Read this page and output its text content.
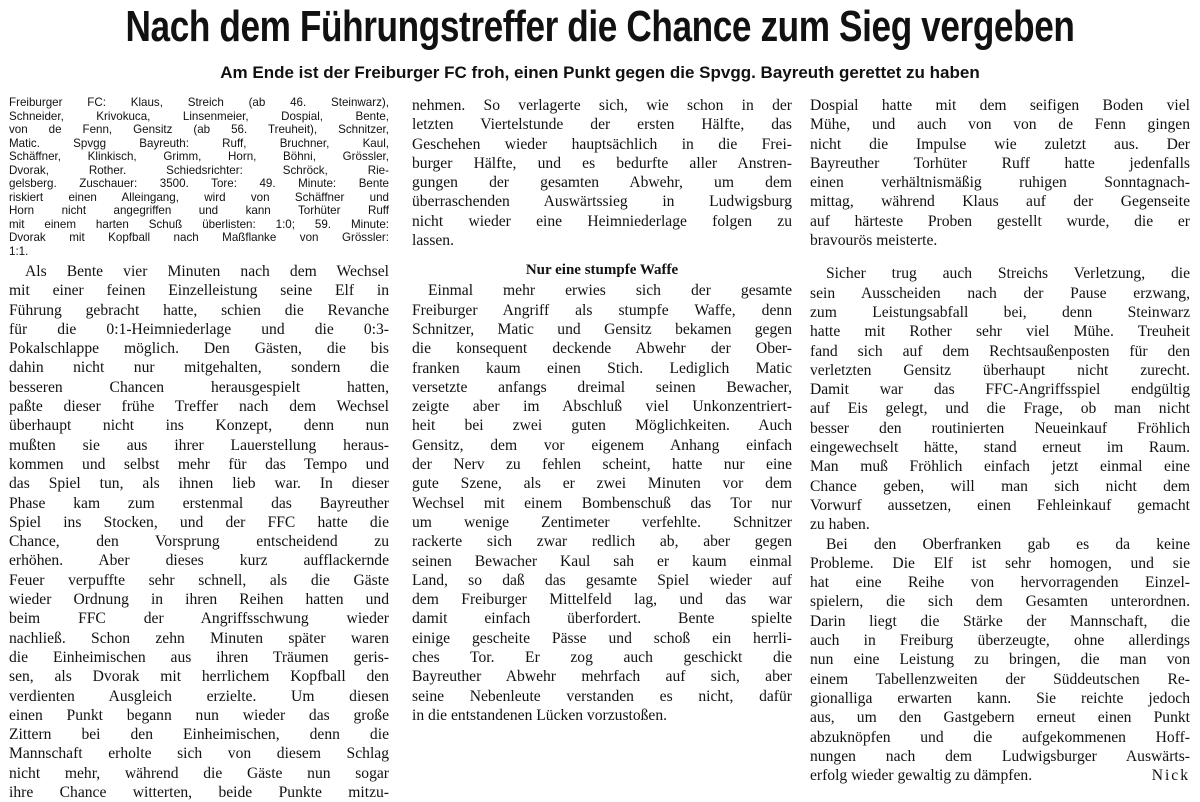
Nach dem Führungstreffer die Chance zum Sieg vergeben
Am Ende ist der Freiburger FC froh, einen Punkt gegen die Spvgg. Bayreuth gerettet zu haben
Freiburger FC: Klaus, Streich (ab 46. Steinwarz),
Schneider, Krivokuca, Linsenmeier, Dospial, Bente,
von de Fenn, Gensitz (ab 56. Treuheit), Schnitzer,
Matic. Spvgg Bayreuth: Ruff, Bruchner, Kaul,
Schäffner, Klinkisch, Grimm, Horn, Böhni, Grössler,
Dvorak, Rother. Schiedsrichter: Schröck, Rie-
gelsberg. Zuschauer: 3500. Tore: 49. Minute: Bente
riskiert einen Alleingang, wird von Schäffner und
Horn nicht angegriffen und kann Torhüter Ruff
mit einem harten Schuß überlisten: 1:0; 59. Minute:
Dvorak mit Kopfball nach Maßflanke von Grössler:
1:1.
Als Bente vier Minuten nach dem Wechsel
mit einer feinen Einzelleistung seine Elf in
Führung gebracht hatte, schien die Revanche
für die 0:1-Heimniederlage und die 0:3-
Pokalschlappe möglich. Den Gästen, die bis
dahin nicht nur mitgehalten, sondern die
besseren Chancen herausgespielt hatten,
paßte dieser frühe Treffer nach dem Wechsel
überhaupt nicht ins Konzept, denn nun
mußten sie aus ihrer Lauerstellung heraus-
kommen und selbst mehr für das Tempo und
das Spiel tun, als ihnen lieb war. In dieser
Phase kam zum erstenmal das Bayreuther
Spiel ins Stocken, und der FFC hatte die
Chance, den Vorsprung entscheidend zu
erhöhen. Aber dieses kurz aufflackernde
Feuer verpuffte sehr schnell, als die Gäste
wieder Ordnung in ihren Reihen hatten und
beim FFC der Angriffsschwung wieder
nachließ. Schon zehn Minuten später waren
die Einheimischen aus ihren Träumen geris-
sen, als Dvorak mit herrlichem Kopfball den
verdienten Ausgleich erzielte. Um diesen
einen Punkt begann nun wieder das große
Zittern bei den Einheimischen, denn die
Mannschaft erholte sich von diesem Schlag
nicht mehr, während die Gäste nun sogar
ihre Chance witterten, beide Punkte mitzu-
nehmen. So verlagerte sich, wie schon in der
letzten Viertelstunde der ersten Hälfte, das
Geschehen wieder hauptsächlich in die Frei-
burger Hälfte, und es bedurfte aller Anstren-
gungen der gesamten Abwehr, um dem
überraschenden Auswärtssieg in Ludwigsburg
nicht wieder eine Heimniederlage folgen zu
lassen.
Nur eine stumpfe Waffe
Einmal mehr erwies sich der gesamte
Freiburger Angriff als stumpfe Waffe, denn
Schnitzer, Matic und Gensitz bekamen gegen
die konsequent deckende Abwehr der Ober-
franken kaum einen Stich. Lediglich Matic
versetzte anfangs dreimal seinen Bewacher,
zeigte aber im Abschluß viel Unkonzentriert-
heit bei zwei guten Möglichkeiten. Auch
Gensitz, dem vor eigenem Anhang einfach
der Nerv zu fehlen scheint, hatte nur eine
gute Szene, als er zwei Minuten vor dem
Wechsel mit einem Bombenschuß das Tor nur
um wenige Zentimeter verfehlte. Schnitzer
rackerte sich zwar redlich ab, aber gegen
seinen Bewacher Kaul sah er kaum einmal
Land, so daß das gesamte Spiel wieder auf
dem Freiburger Mittelfeld lag, und das war
damit einfach überfordert. Bente spielte
einige gescheite Pässe und schoß ein herrli-
ches Tor. Er zog auch geschickt die
Bayreuther Abwehr mehrfach auf sich, aber
seine Nebenleute verstanden es nicht, dafür
in die entstandenen Lücken vorzustoßen.
Dospial hatte mit dem seifigen Boden viel
Mühe, und auch von von de Fenn gingen
nicht die Impulse wie zuletzt aus. Der
Bayreuther Torhüter Ruff hatte jedenfalls
einen verhältnismäßig ruhigen Sonntagnach-
mittag, während Klaus auf der Gegenseite
auf härteste Proben gestellt wurde, die er
bravourös meisterte.
Sicher trug auch Streichs Verletzung, die
sein Ausscheiden nach der Pause erzwang,
zum Leistungsabfall bei, denn Steinwarz
hatte mit Rother sehr viel Mühe. Treuheit
fand sich auf dem Rechtsaußenposten für den
verletzten Gensitz überhaupt nicht zurecht.
Damit war das FFC-Angriffsspiel endgültig
auf Eis gelegt, und die Frage, ob man nicht
besser den routinierten Neueinkauf Fröhlich
eingewechselt hätte, stand erneut im Raum.
Man muß Fröhlich einfach jetzt einmal eine
Chance geben, will man sich nicht dem
Vorwurf aussetzen, einen Fehleinkauf gemacht
zu haben.
Bei den Oberfranken gab es da keine
Probleme. Die Elf ist sehr homogen, und sie
hat eine Reihe von hervorragenden Einzel-
spielern, die sich dem Gesamten unterordnen.
Darin liegt die Stärke der Mannschaft, die
auch in Freiburg überzeugte, ohne allerdings
nun eine Leistung zu bringen, die man von
einem Tabellenzweiten der Süddeutschen Re-
gionalliga erwarten kann. Sie reichte jedoch
aus, um den Gastgebern erneut einen Punkt
abzuknöpfen und die aufgekommenen Hoff-
nungen nach dem Ludwigsburger Auswärts-
erfolg wieder gewaltig zu dämpfen.	Nick
